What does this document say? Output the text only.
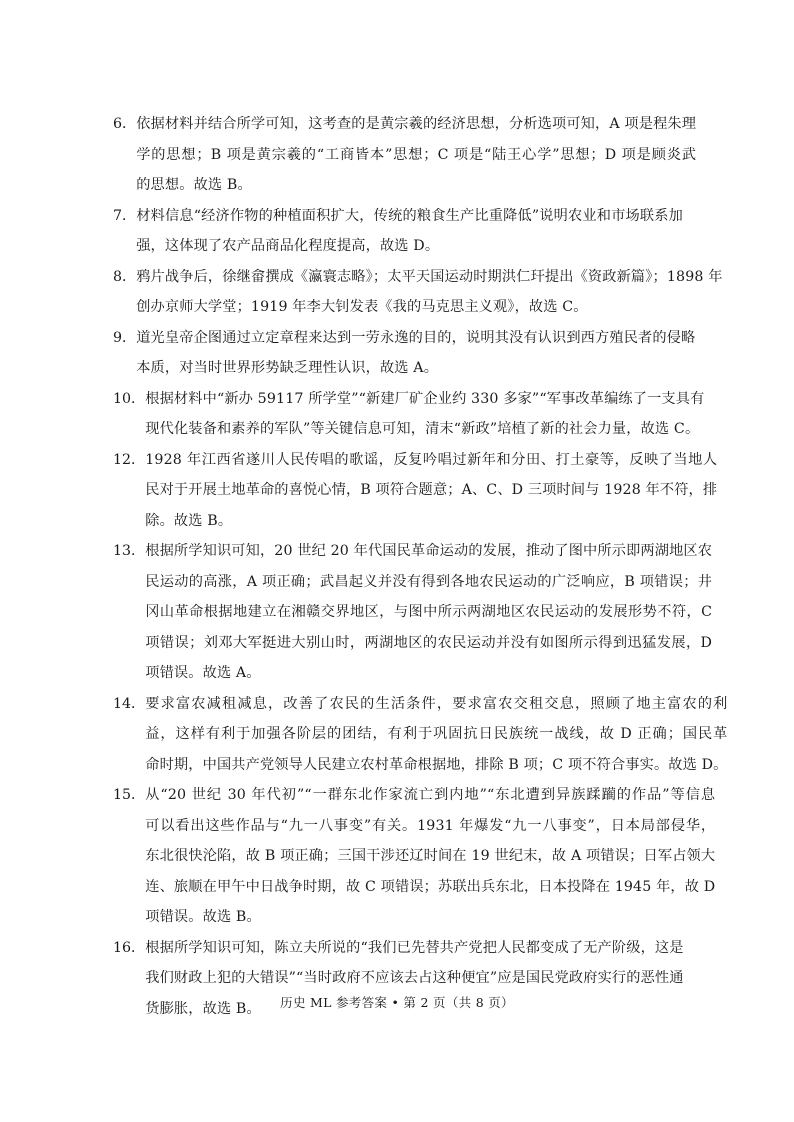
6． 依据材料并结合所学可知，这考查的是黄宗羲的经济思想，分析选项可知，A 项是程朱理
学的思想；B 项是黄宗羲的“工商皆本”思想；C 项是“陆王心学”思想；D 项是顾炎武
的思想。故选 B。
7． 材料信息“经济作物的种植面积扩大，传统的粮食生产比重降低”说明农业和市场联系加
强，这体现了农产品商品化程度提高，故选 D。
8． 鸦片战争后，徐继畲撰成《瀛寰志略》；太平天国运动时期洪仁玕提出《资政新篇》；1898 年
创办京师大学堂；1919 年李大钊发表《我的马克思主义观》，故选 C。
9． 道光皇帝企图通过立定章程来达到一劳永逸的目的，说明其没有认识到西方殖民者的侵略
本质，对当时世界形势缺乏理性认识，故选 A。
10． 根据材料中“新办 59117 所学堂”“新建厂矿企业约 330 多家”“军事改革编练了一支具有
现代化装备和素养的军队”等关键信息可知，清末“新政”培植了新的社会力量，故选 C。
12． 1928 年江西省遂川人民传唱的歌谣，反复吟唱过新年和分田、打土豪等，反映了当地人
民对于开展土地革命的喜悦心情，B 项符合题意；A、C、D 三项时间与 1928 年不符，排
除。故选 B。
13． 根据所学知识可知，20 世纪 20 年代国民革命运动的发展，推动了图中所示即两湖地区农
民运动的高涨，A 项正确；武昌起义并没有得到各地农民运动的广泛响应，B 项错误；井
冈山革命根据地建立在湘赣交界地区，与图中所示两湖地区农民运动的发展形势不符，C
项错误；刘邓大军挺进大别山时，两湖地区的农民运动并没有如图所示得到迅猛发展，D
项错误。故选 A。
14． 要求富农减租减息，改善了农民的生活条件，要求富农交租交息，照顾了地主富农的利
益，这样有利于加强各阶层的团结，有利于巩固抗日民族统一战线，故 D 正确；国民革
命时期，中国共产党领导人民建立农村革命根据地，排除 B 项；C 项不符合事实。故选 D。
15． 从“20 世纪 30 年代初”“一群东北作家流亡到内地”“东北遭到异族蹂躏的作品”等信息
可以看出这些作品与“九一八事变”有关。1931 年爆发“九一八事变”，日本局部侵华，
东北很快沦陷，故 B 项正确；三国干涉还辽时间在 19 世纪末，故 A 项错误；日军占领大
连、旅顺在甲午中日战争时期，故 C 项错误；苏联出兵东北，日本投降在 1945 年，故 D
项错误。故选 B。
16． 根据所学知识可知，陈立夫所说的“我们已先替共产党把人民都变成了无产阶级，这是
我们财政上犯的大错误”“当时政府不应该去占这种便宜”应是国民党政府实行的恶性通
货膨胀，故选 B。	历史 ML 参考答案 • 第 2 页（共 8 页）
